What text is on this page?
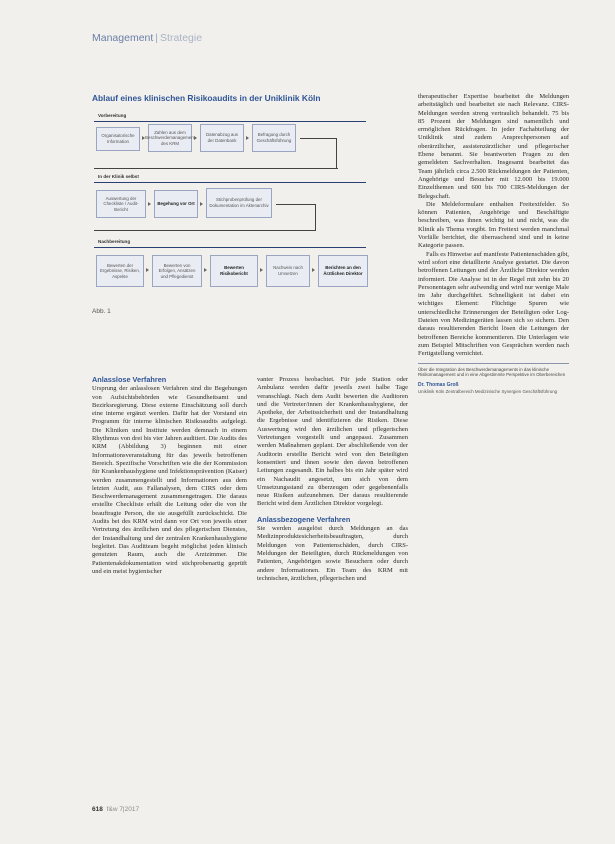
Management | Strategie
Ablauf eines klinischen Risikoaudits in der Uniklinik Köln
Vorbereitung
Organisatorische Information
Zahlen aus dem Beschwerdemanagement des KRM
Datenabzug aus der Datenbank
Befragung durch Geschäftsführung
In der Klinik selbst
Auswertung der Checkliste / Audit-Bericht
Begehung vor Ort
Stichprobenprüfung der Dokumentation im Aktenarchiv
Nachbereitung
Bewerten der Ergebnisse, Risiken, Aspekte
Bewerten von Erfolgen, Ansätzen und Pflegedienst
Bewerten Risikobericht
Nachweis nach Umsetzen
Berichten an den Ärztlichen Direktor
Abb. 1
Anlasslose Verfahren

Ursprung der anlasslosen Verfahren sind die Begehungen von Aufsichtsbehörden wie Gesundheitsamt und Bezirksregierung. Diese externe Einschätzung soll durch eine interne ergänzt werden. Dafür hat der Vorstand ein Programm für interne klinischen Risikoaudits aufgelegt. Die Kliniken und Institute werden demnach in einem Rhythmus von drei bis vier Jahren auditiert. Die Audits des KRM (Abbildung 3) beginnen mit einer Informationsveranstaltung für das jeweils betroffenen Bereich. Spezifische Vorschriften wie die der Kommission für Krankenhaushygiene und Infektionsprävention (Kaiser) werden zusammengestellt und Informationen aus dem letzten Audit, aus Fallanalysen, dem CIRS oder dem Beschwerdemanagement zusammengetragen. Die daraus erstellte Checkliste erhält die Leitung oder die von ihr beauftragte Person, die sie ausgefüllt zurückschickt. Die Audits bei des KRM wird dann vor Ort von jeweils einer Vertretung des ärztlichen und des pflegerischen Dienstes, der Instandhaltung und der zentralen Krankenhaushygiene begleitet. Das Auditteam begeht möglichst jeden klinisch genutzten Raum, auch die Arztzimmer. Die Patientenakdokumentation wird stichprobenartig geprüft und ein meist hygienischer

vanter Prozess beobachtet. Für jede Station oder Ambulanz werden dafür jeweils zwei halbe Tage veranschlagt. Nach dem Audit bewerten die Auditoren und die Vertreter/innen der Krankenhaushygiene, der Apotheke, der Arbeitssicherheit und der Instandhaltung die Ergebnisse und identifizieren die Risiken. Diese Auswertung wird den ärztlichen und pflegerischen Vertretungen vorgestellt und angepasst. Zusammen werden Maßnahmen geplant. Der abschließende von der Auditorin erstellte Bericht wird von den Beteiligten konsentiert und ihnen sowie den davon betroffenen Leitungen zugesandt. Ein halbes bis ein Jahr später wird ein Nachaudit angesetzt, um sich von dem Umsetzungsstand zu überzeugen oder gegebenenfalls neue Risiken aufzunehmen. Der daraus resultierende Bericht wird dem Ärztlichen Direktor vorgelegt.

Anlassbezogene Verfahren

Sie werden ausgelöst durch Meldungen an das Medizinproduktesicherheitsbeauftragten, durch Meldungen von Patientenschäden, durch CIRS-Meldungen der Beteiligten, durch Rückmeldungen von Patienten, Angehörigen sowie Besuchern oder durch andere Informationen. Ein Team des KRM mit technischen, ärztlichen, pflegerischen und

therapeutischer Expertise bearbeitet die Meldungen arbeitstäglich und bearbeitet sie nach Relevanz. CIRS-Meldungen werden streng vertraulich behandelt. 75 bis 85 Prozent der Meldungen sind namentlich und ermöglichen Rückfragen. In jeder Fachabteilung der Uniklinik sind zudem Ansprechpersonen auf oberärztlicher, assistenzärztlicher und pflegerischer Ebene benannt. Sie beantworten Fragen zu den gemeldeten Sachverhalten. Insgesamt bearbeitet das Team jährlich circa 2.500 Rückmeldungen der Patienten, Angehörige und Besucher mit 12.000 bis 19.000 Einzelthemen und 600 bis 700 CIRS-Meldungen der Belegschaft.

Die Meldeformulare enthalten Freitextfelder. So können Patienten, Angehörige und Beschäftigte beschreiben, was ihnen wichtig ist und nicht, was die Klinik als Thema vorgibt. Im Freitext werden manchmal Vorfälle berichtet, die überraschend sind und in keine Kategorie passen.

Falls es Hinweise auf manifeste Patientenschäden gibt, wird sofort eine detaillierte Analyse gestartet. Die davon betroffenen Leitungen und der Ärztliche Direktor werden informiert. Die Analyse ist in der Regel mit zehn bis 20 Personentagen sehr aufwendig und wird nur wenige Male im Jahr durchgeführt. Schnelligkeit ist dabei ein wichtiges Element: Flüchtige Spuren wie unterschiedliche Erinnerungen der Beteiligten oder Log-Dateien von Medizingeräten lassen sich so sichern. Den daraus resultierenden Bericht lösen die Leitungen der betroffenen Bereiche kommentieren. Die Unterlagen wie zum Beispiel Mitschriften von Gesprächen werden nach Fertigstellung vernichtet.

Über die Integration des Beschwerdemanagements in das klinische Risikomanagement und in eine Abgestimmte Perspektive im Oberbereichen
Dr. Thomas Groß
Uniklinik Köln Zentralbereich Medizinische Synergien Geschäftsführung
618 f&w 7|2017
